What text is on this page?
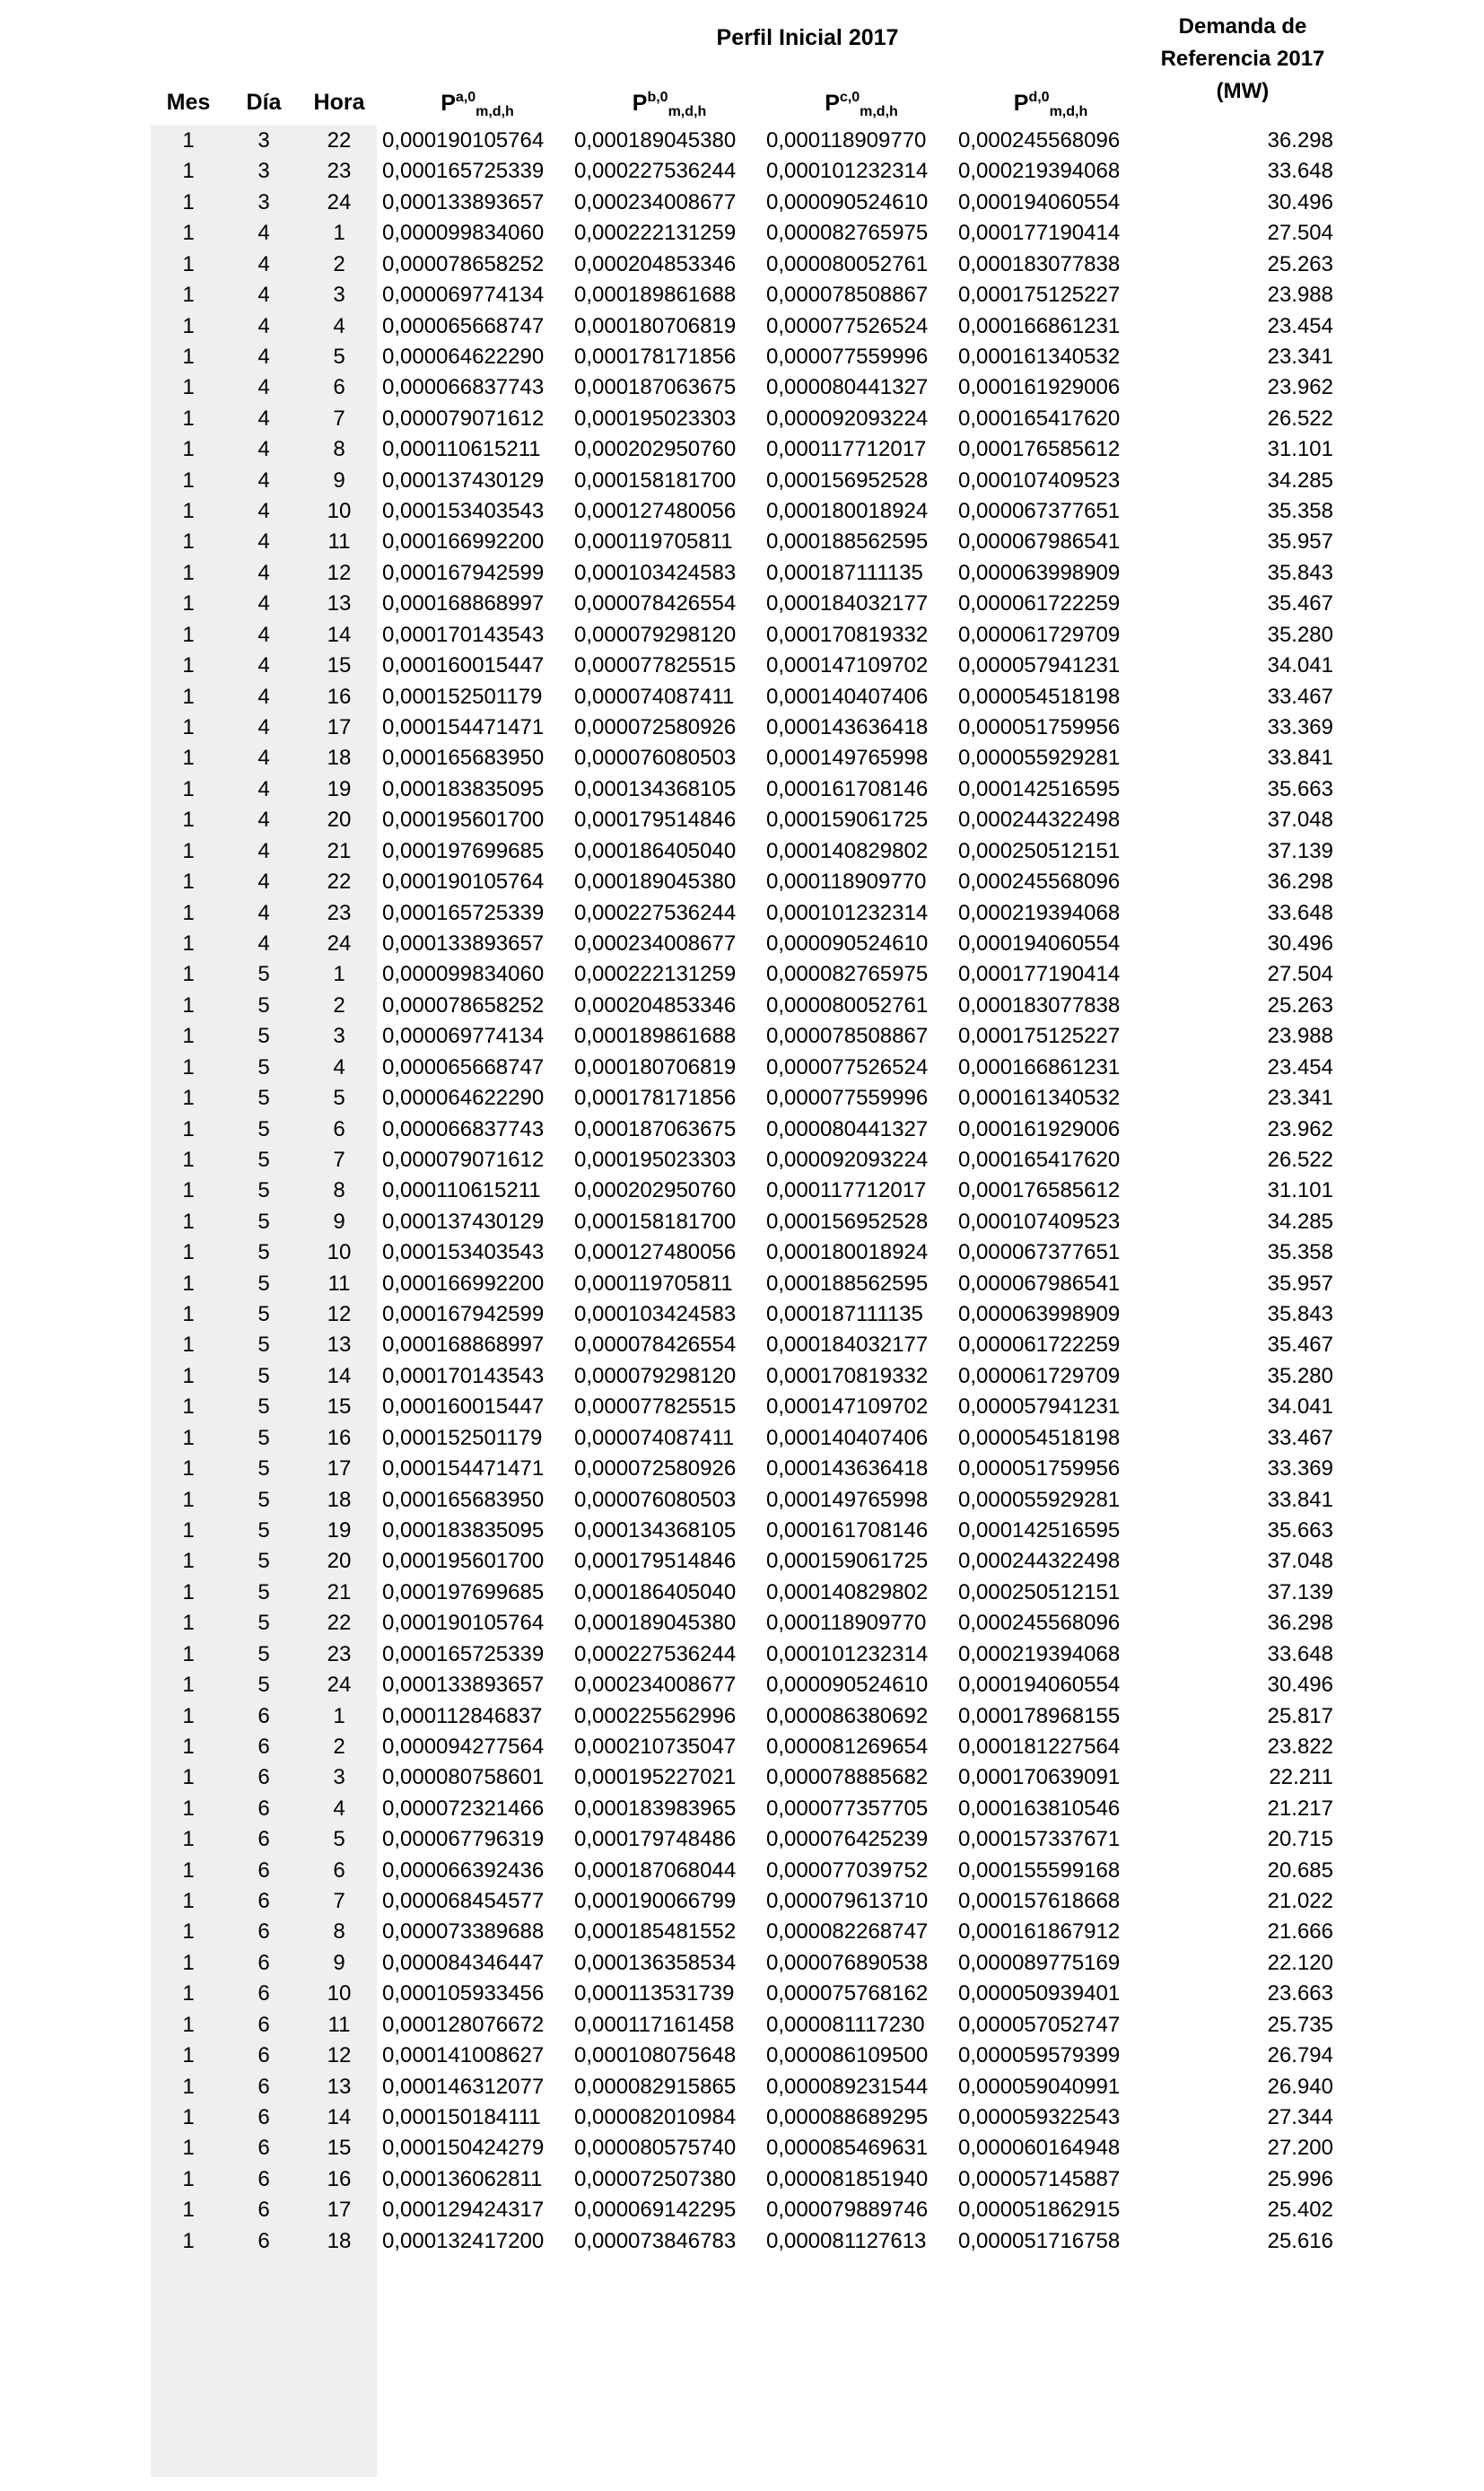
Perfil Inicial 2017	Demanda de
Referencia 2017
(MW)
Mes	Día	Hora	P$^{a,0}_{m,d,h}$	P$^{b,0}_{m,d,h}$	P$^{c,0}_{m,d,h}$	P$^{d,0}_{m,d,h}$
1	3	22	0,000190105764	0,000189045380	0,000118909770	0,000245568096	36.298
1	3	23	0,000165725339	0,000227536244	0,000101232314	0,000219394068	33.648
1	3	24	0,000133893657	0,000234008677	0,000090524610	0,000194060554	30.496
1	4	1	0,000099834060	0,000222131259	0,000082765975	0,000177190414	27.504
1	4	2	0,000078658252	0,000204853346	0,000080052761	0,000183077838	25.263
1	4	3	0,000069774134	0,000189861688	0,000078508867	0,000175125227	23.988
1	4	4	0,000065668747	0,000180706819	0,000077526524	0,000166861231	23.454
1	4	5	0,000064622290	0,000178171856	0,000077559996	0,000161340532	23.341
1	4	6	0,000066837743	0,000187063675	0,000080441327	0,000161929006	23.962
1	4	7	0,000079071612	0,000195023303	0,000092093224	0,000165417620	26.522
1	4	8	0,000110615211	0,000202950760	0,000117712017	0,000176585612	31.101
1	4	9	0,000137430129	0,000158181700	0,000156952528	0,000107409523	34.285
1	4	10	0,000153403543	0,000127480056	0,000180018924	0,000067377651	35.358
1	4	11	0,000166992200	0,000119705811	0,000188562595	0,000067986541	35.957
1	4	12	0,000167942599	0,000103424583	0,000187111135	0,000063998909	35.843
1	4	13	0,000168868997	0,000078426554	0,000184032177	0,000061722259	35.467
1	4	14	0,000170143543	0,000079298120	0,000170819332	0,000061729709	35.280
1	4	15	0,000160015447	0,000077825515	0,000147109702	0,000057941231	34.041
1	4	16	0,000152501179	0,000074087411	0,000140407406	0,000054518198	33.467
1	4	17	0,000154471471	0,000072580926	0,000143636418	0,000051759956	33.369
1	4	18	0,000165683950	0,000076080503	0,000149765998	0,000055929281	33.841
1	4	19	0,000183835095	0,000134368105	0,000161708146	0,000142516595	35.663
1	4	20	0,000195601700	0,000179514846	0,000159061725	0,000244322498	37.048
1	4	21	0,000197699685	0,000186405040	0,000140829802	0,000250512151	37.139
1	4	22	0,000190105764	0,000189045380	0,000118909770	0,000245568096	36.298
1	4	23	0,000165725339	0,000227536244	0,000101232314	0,000219394068	33.648
1	4	24	0,000133893657	0,000234008677	0,000090524610	0,000194060554	30.496
1	5	1	0,000099834060	0,000222131259	0,000082765975	0,000177190414	27.504
1	5	2	0,000078658252	0,000204853346	0,000080052761	0,000183077838	25.263
1	5	3	0,000069774134	0,000189861688	0,000078508867	0,000175125227	23.988
1	5	4	0,000065668747	0,000180706819	0,000077526524	0,000166861231	23.454
1	5	5	0,000064622290	0,000178171856	0,000077559996	0,000161340532	23.341
1	5	6	0,000066837743	0,000187063675	0,000080441327	0,000161929006	23.962
1	5	7	0,000079071612	0,000195023303	0,000092093224	0,000165417620	26.522
1	5	8	0,000110615211	0,000202950760	0,000117712017	0,000176585612	31.101
1	5	9	0,000137430129	0,000158181700	0,000156952528	0,000107409523	34.285
1	5	10	0,000153403543	0,000127480056	0,000180018924	0,000067377651	35.358
1	5	11	0,000166992200	0,000119705811	0,000188562595	0,000067986541	35.957
1	5	12	0,000167942599	0,000103424583	0,000187111135	0,000063998909	35.843
1	5	13	0,000168868997	0,000078426554	0,000184032177	0,000061722259	35.467
1	5	14	0,000170143543	0,000079298120	0,000170819332	0,000061729709	35.280
1	5	15	0,000160015447	0,000077825515	0,000147109702	0,000057941231	34.041
1	5	16	0,000152501179	0,000074087411	0,000140407406	0,000054518198	33.467
1	5	17	0,000154471471	0,000072580926	0,000143636418	0,000051759956	33.369
1	5	18	0,000165683950	0,000076080503	0,000149765998	0,000055929281	33.841
1	5	19	0,000183835095	0,000134368105	0,000161708146	0,000142516595	35.663
1	5	20	0,000195601700	0,000179514846	0,000159061725	0,000244322498	37.048
1	5	21	0,000197699685	0,000186405040	0,000140829802	0,000250512151	37.139
1	5	22	0,000190105764	0,000189045380	0,000118909770	0,000245568096	36.298
1	5	23	0,000165725339	0,000227536244	0,000101232314	0,000219394068	33.648
1	5	24	0,000133893657	0,000234008677	0,000090524610	0,000194060554	30.496
1	6	1	0,000112846837	0,000225562996	0,000086380692	0,000178968155	25.817
1	6	2	0,000094277564	0,000210735047	0,000081269654	0,000181227564	23.822
1	6	3	0,000080758601	0,000195227021	0,000078885682	0,000170639091	22.211
1	6	4	0,000072321466	0,000183983965	0,000077357705	0,000163810546	21.217
1	6	5	0,000067796319	0,000179748486	0,000076425239	0,000157337671	20.715
1	6	6	0,000066392436	0,000187068044	0,000077039752	0,000155599168	20.685
1	6	7	0,000068454577	0,000190066799	0,000079613710	0,000157618668	21.022
1	6	8	0,000073389688	0,000185481552	0,000082268747	0,000161867912	21.666
1	6	9	0,000084346447	0,000136358534	0,000076890538	0,000089775169	22.120
1	6	10	0,000105933456	0,000113531739	0,000075768162	0,000050939401	23.663
1	6	11	0,000128076672	0,000117161458	0,000081117230	0,000057052747	25.735
1	6	12	0,000141008627	0,000108075648	0,000086109500	0,000059579399	26.794
1	6	13	0,000146312077	0,000082915865	0,000089231544	0,000059040991	26.940
1	6	14	0,000150184111	0,000082010984	0,000088689295	0,000059322543	27.344
1	6	15	0,000150424279	0,000080575740	0,000085469631	0,000060164948	27.200
1	6	16	0,000136062811	0,000072507380	0,000081851940	0,000057145887	25.996
1	6	17	0,000129424317	0,000069142295	0,000079889746	0,000051862915	25.402
1	6	18	0,000132417200	0,000073846783	0,000081127613	0,000051716758	25.616
